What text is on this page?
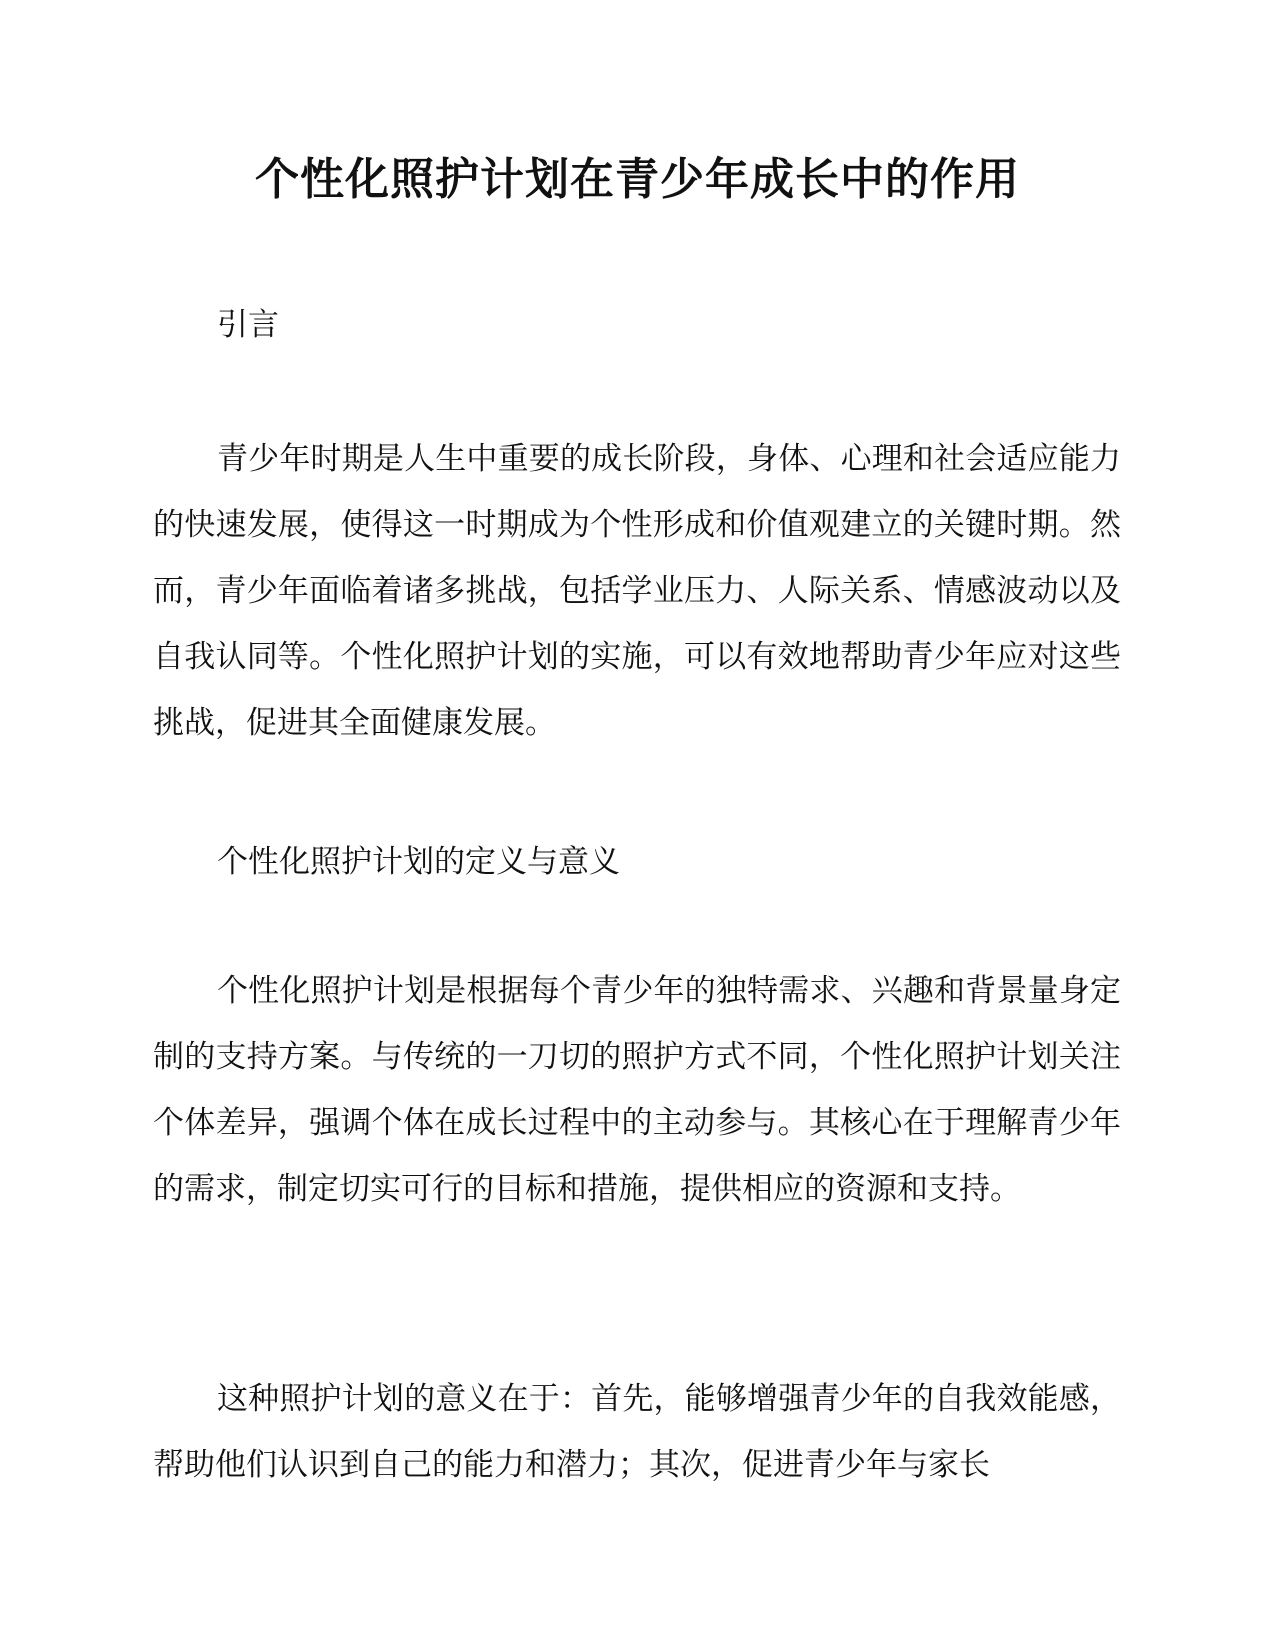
个性化照护计划在青少年成长中的作用
引言

青少年时期是人生中重要的成长阶段，身体、心理和社会适应能力的快速发展，使得这一时期成为个性形成和价值观建立的关键时期。然而，青少年面临着诸多挑战，包括学业压力、人际关系、情感波动以及自我认同等。个性化照护计划的实施，可以有效地帮助青少年应对这些挑战，促进其全面健康发展。

个性化照护计划的定义与意义

个性化照护计划是根据每个青少年的独特需求、兴趣和背景量身定制的支持方案。与传统的一刀切的照护方式不同，个性化照护计划关注个体差异，强调个体在成长过程中的主动参与。其核心在于理解青少年的需求，制定切实可行的目标和措施，提供相应的资源和支持。

这种照护计划的意义在于：首先，能够增强青少年的自我效能感，帮助他们认识到自己的能力和潜力；其次，促进青少年与家长
